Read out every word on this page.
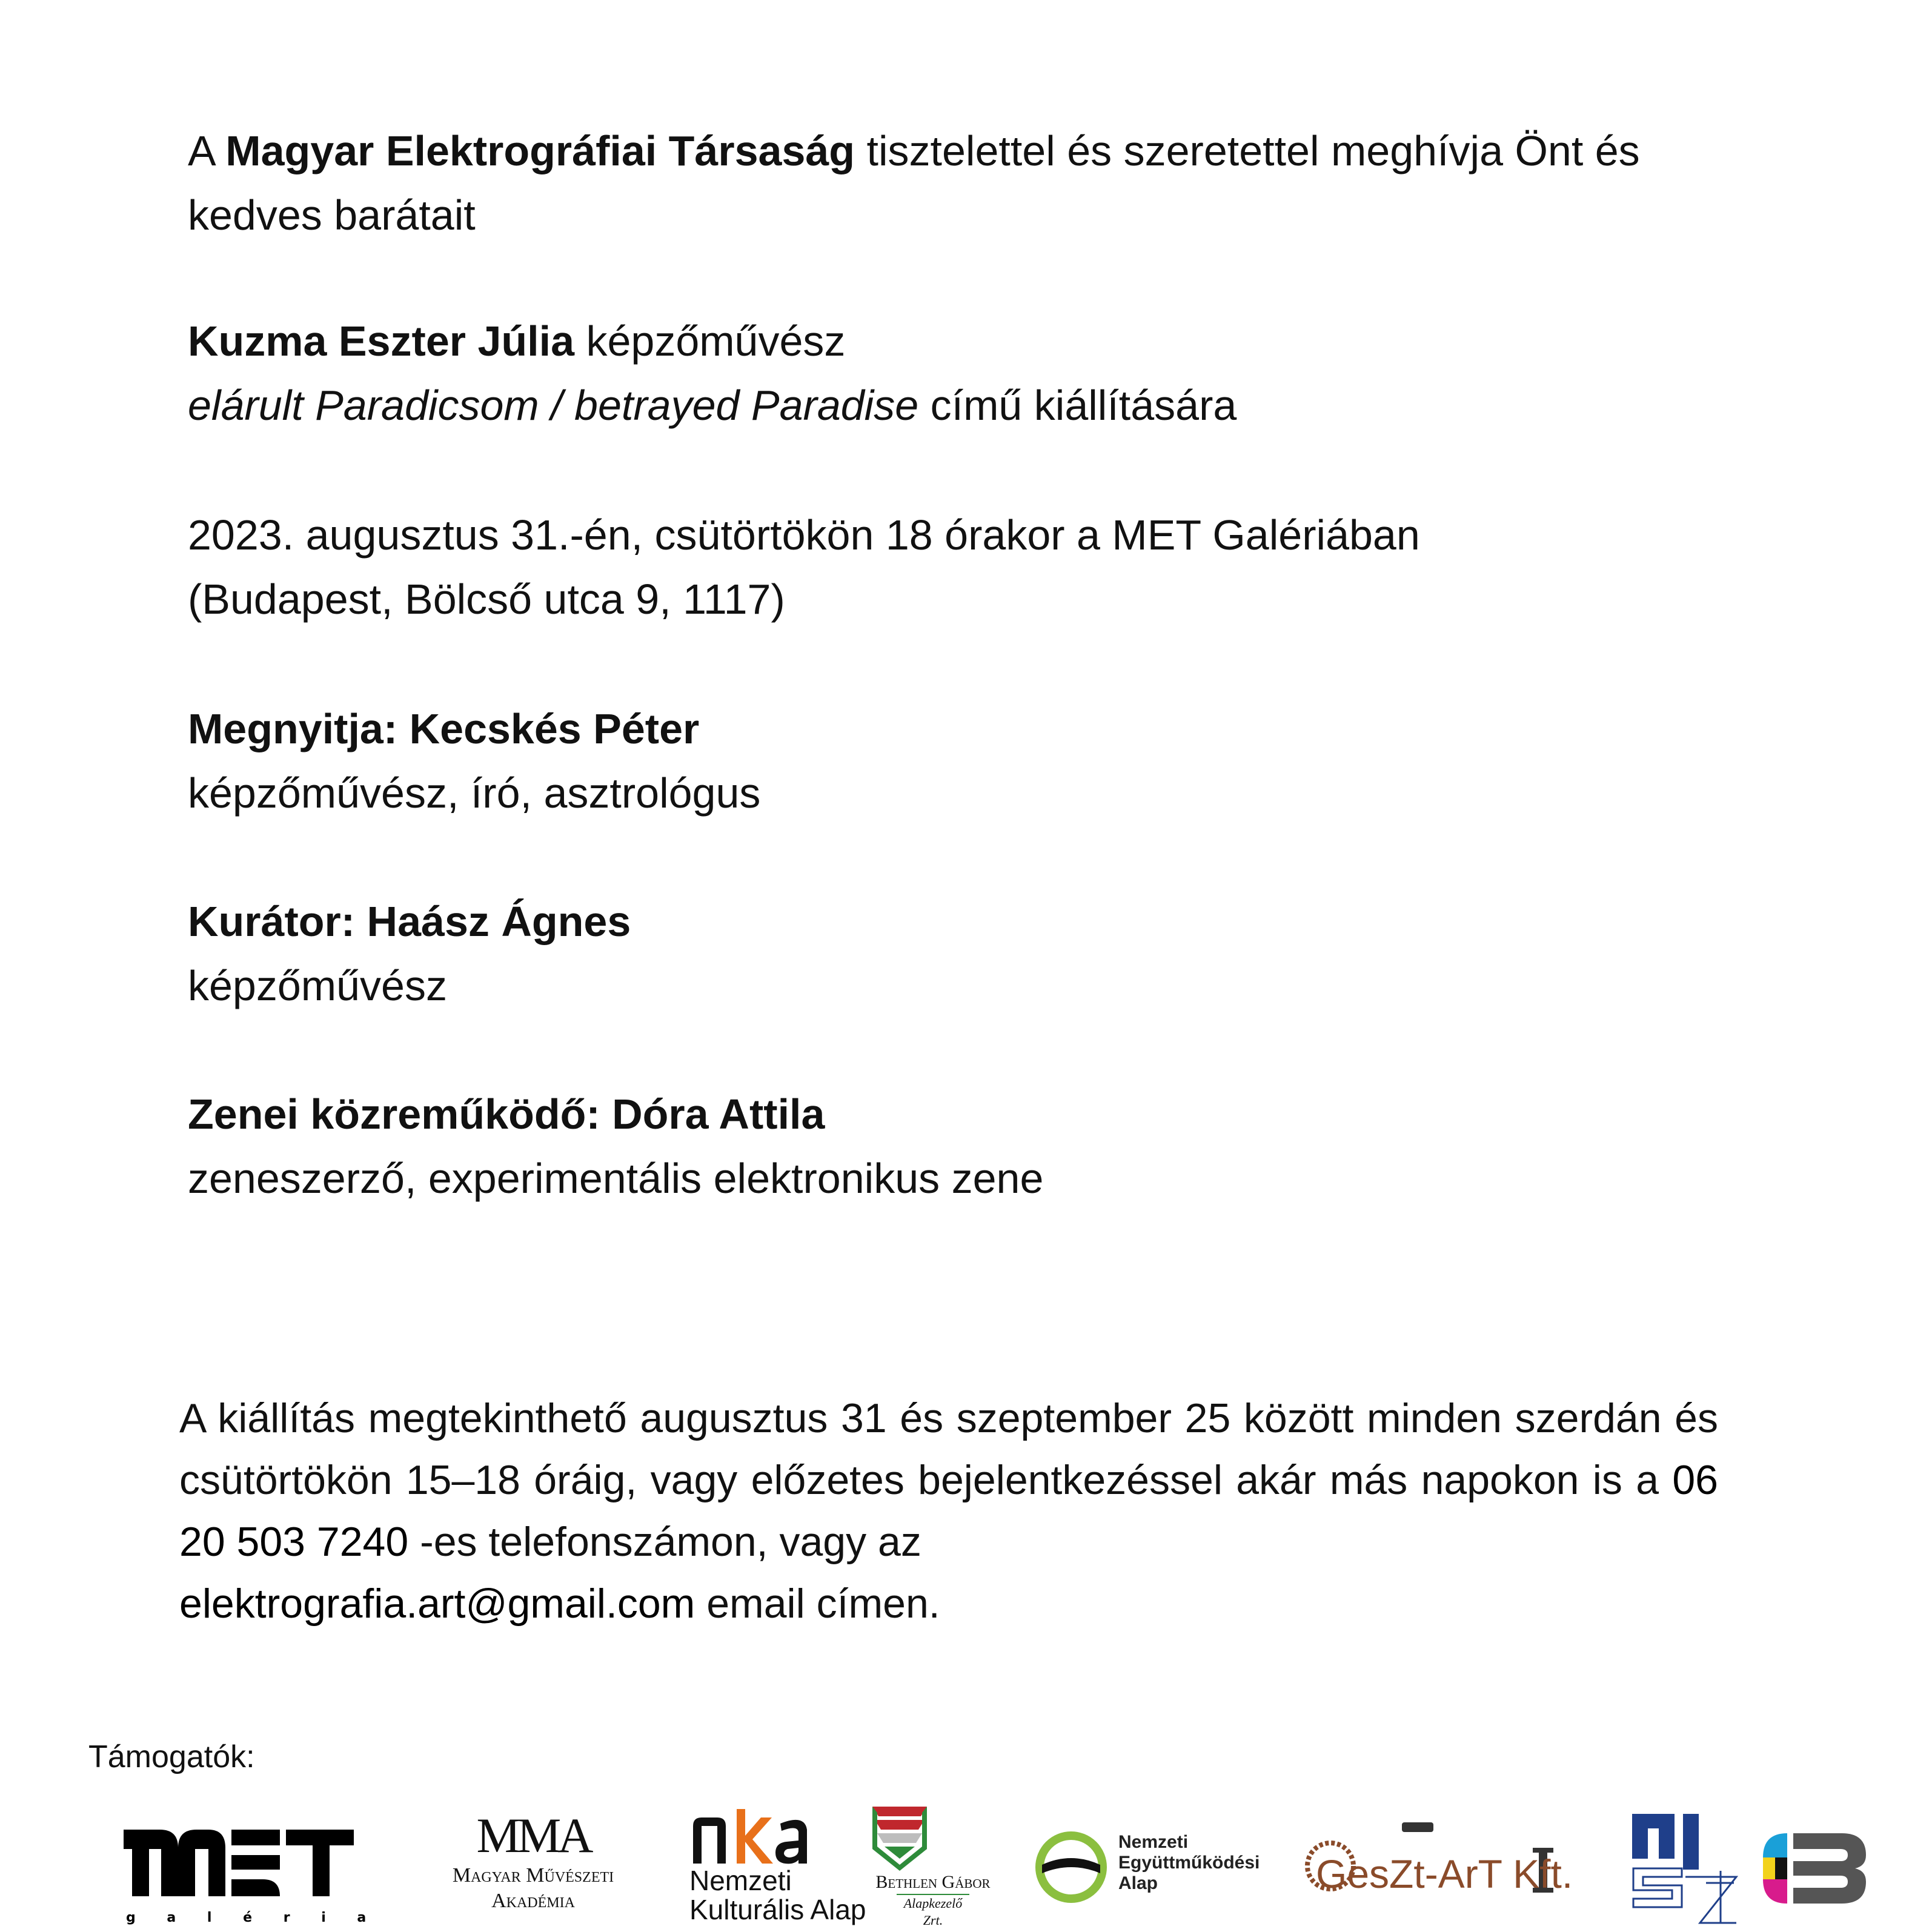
A Magyar Elektrográfiai Társaság tisztelettel és szeretettel meghívja Önt és
kedves barátait
Kuzma Eszter Júlia képzőművész
elárult Paradicsom / betrayed Paradise című kiállítására
2023. augusztus 31.-én, csütörtökön 18 órakor a MET Galériában
(Budapest, Bölcső utca 9, 1117)
Megnyitja: Kecskés Péter
képzőművész, író, asztrológus
Kurátor: Haász Ágnes
képzőművész
Zenei közreműködő: Dóra Attila
zeneszerző, experimentális elektronikus zene
A kiállítás megtekinthető augusztus 31 és szeptember 25 között minden szerdán és csütörtökön 15–18 óráig, vagy előzetes bejelentkezéssel akár más napokon is a 06 20 503 7240 -es telefonszámon, vagy az
elektrografia.art@gmail.com email címen.
Támogatók:
g a l é r i a
MMA
Magyar Művészeti
Akadémia
Nemzeti
Kulturális Alap
Bethlen Gábor
Alapkezelő Zrt.
Nemzeti
Együttműködési
Alap	GesZt-ArT Kft.
